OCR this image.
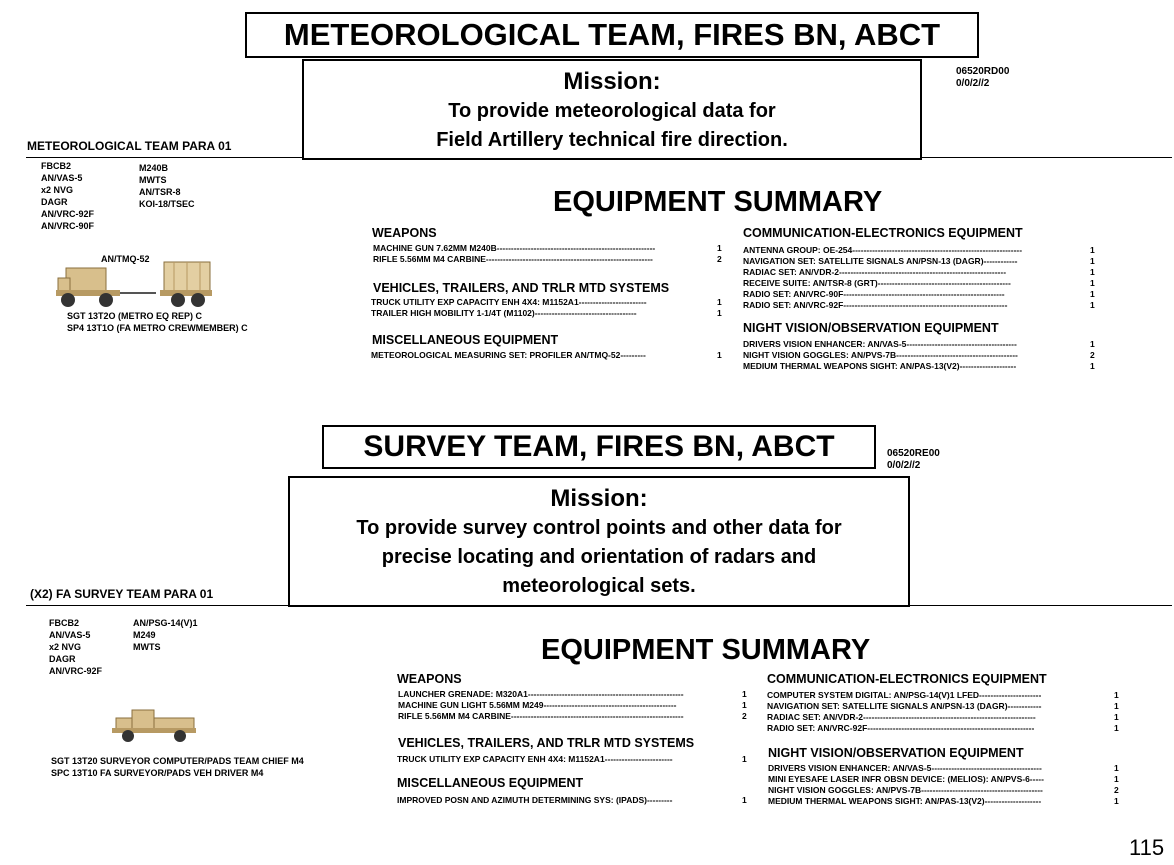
METEOROLOGICAL TEAM, FIRES BN, ABCT
Mission:
To provide meteorological data for
Field Artillery technical fire direction.
06520RD00
0/0/2//2
METEOROLOGICAL TEAM PARA 01
FBCB2
AN/VAS-5
x2 NVG
DAGR
AN/VRC-92F
AN/VRC-90F
M240B
MWTS
AN/TSR-8
KOI-18/TSEC
AN/TMQ-52
SGT 13T2O (METRO EQ REP) C
SP4 13T1O (FA METRO CREWMEMBER) C
EQUIPMENT SUMMARY
WEAPONS
MACHINE GUN 7.62MM M240B--------------------------------------------------------	1
RIFLE 5.56MM M4 CARBINE-----------------------------------------------------------	2
VEHICLES, TRAILERS, AND TRLR MTD SYSTEMS
TRUCK UTILITY EXP CAPACITY ENH 4X4: M1152A1------------------------	1
TRAILER HIGH MOBILITY 1-1/4T (M1102)------------------------------------	1
MISCELLANEOUS EQUIPMENT
METEOROLOGICAL MEASURING SET: PROFILER AN/TMQ-52---------	1
COMMUNICATION-ELECTRONICS EQUIPMENT
ANTENNA GROUP: OE-254------------------------------------------------------------	1
NAVIGATION SET: SATELLITE SIGNALS AN/PSN-13 (DAGR)------------	1
RADIAC SET: AN/VDR-2-----------------------------------------------------------	1
RECEIVE SUITE: AN/TSR-8 (GRT)-----------------------------------------------	1
RADIO SET: AN/VRC-90F---------------------------------------------------------	1
RADIO SET: AN/VRC-92F----------------------------------------------------------	1
NIGHT VISION/OBSERVATION EQUIPMENT
DRIVERS VISION ENHANCER: AN/VAS-5---------------------------------------	1
NIGHT VISION GOGGLES: AN/PVS-7B-------------------------------------------	2
MEDIUM THERMAL WEAPONS SIGHT: AN/PAS-13(V2)--------------------	1
SURVEY TEAM, FIRES BN, ABCT	06520RE00
0/0/2//2
Mission:
To provide survey control points and other data for
precise locating and orientation of radars and
meteorological sets.
(X2) FA SURVEY TEAM PARA 01
FBCB2
AN/VAS-5
x2 NVG
DAGR
AN/VRC-92F
AN/PSG-14(V)1
M249
MWTS
SGT 13T20 SURVEYOR COMPUTER/PADS TEAM CHIEF M4
SPC 13T10 FA SURVEYOR/PADS VEH DRIVER M4
EQUIPMENT SUMMARY
WEAPONS
LAUNCHER GRENADE: M320A1-------------------------------------------------------	1
MACHINE GUN LIGHT 5.56MM M249-----------------------------------------------	1
RIFLE 5.56MM M4 CARBINE-------------------------------------------------------------	2
VEHICLES, TRAILERS, AND TRLR MTD SYSTEMS
TRUCK UTILITY EXP CAPACITY ENH 4X4: M1152A1------------------------	1
MISCELLANEOUS EQUIPMENT
IMPROVED POSN AND AZIMUTH DETERMINING SYS: (IPADS)---------	1
COMMUNICATION-ELECTRONICS EQUIPMENT
COMPUTER SYSTEM DIGITAL: AN/PSG-14(V)1 LFED----------------------	1
NAVIGATION SET: SATELLITE SIGNALS AN/PSN-13 (DAGR)------------	1
RADIAC SET: AN/VDR-2-------------------------------------------------------------	1
RADIO SET: AN/VRC-92F-----------------------------------------------------------	1
NIGHT VISION/OBSERVATION EQUIPMENT
DRIVERS VISION ENHANCER: AN/VAS-5---------------------------------------	1
MINI EYESAFE LASER INFR OBSN DEVICE: (MELIOS): AN/PVS-6-----	1
NIGHT VISION GOGGLES: AN/PVS-7B-------------------------------------------	2
MEDIUM THERMAL WEAPONS SIGHT: AN/PAS-13(V2)--------------------	1
115
